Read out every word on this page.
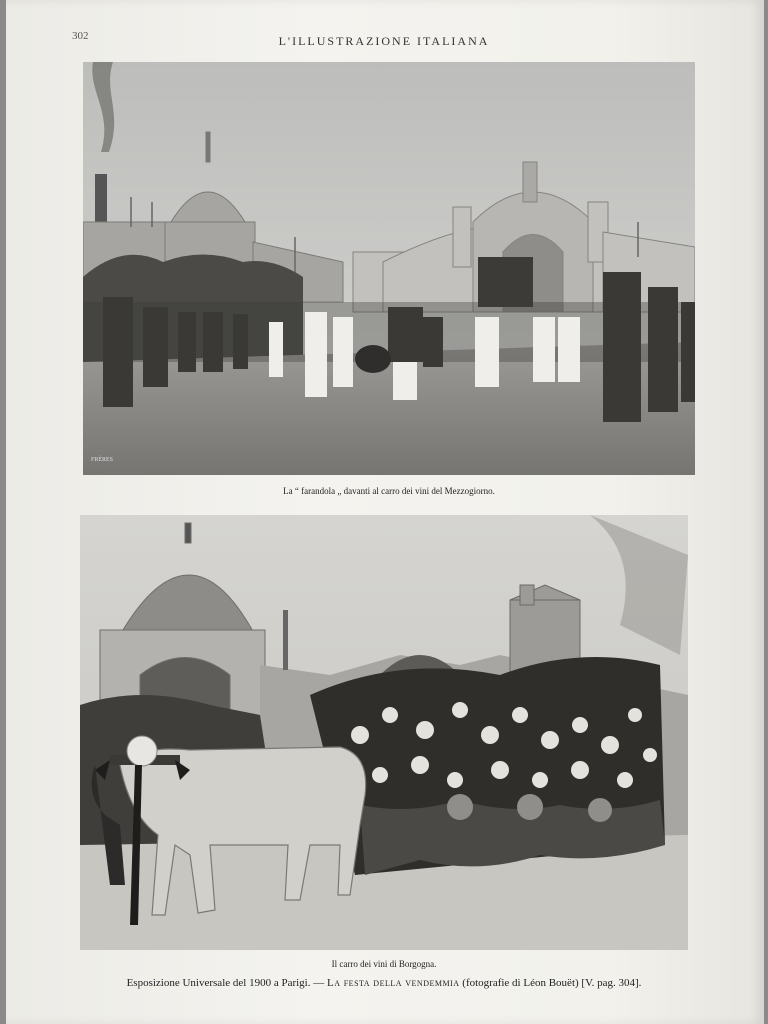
302	L'ILLUSTRAZIONE ITALIANA
FRÈRES
La “ farandola „ davanti al carro dei vini del Mezzogiorno.
Il carro dei vini di Borgogna.
Esposizione Universale del 1900 a Parigi. — La festa della vendemmia (fotografie di Léon Bouët) [V. pag. 304].
